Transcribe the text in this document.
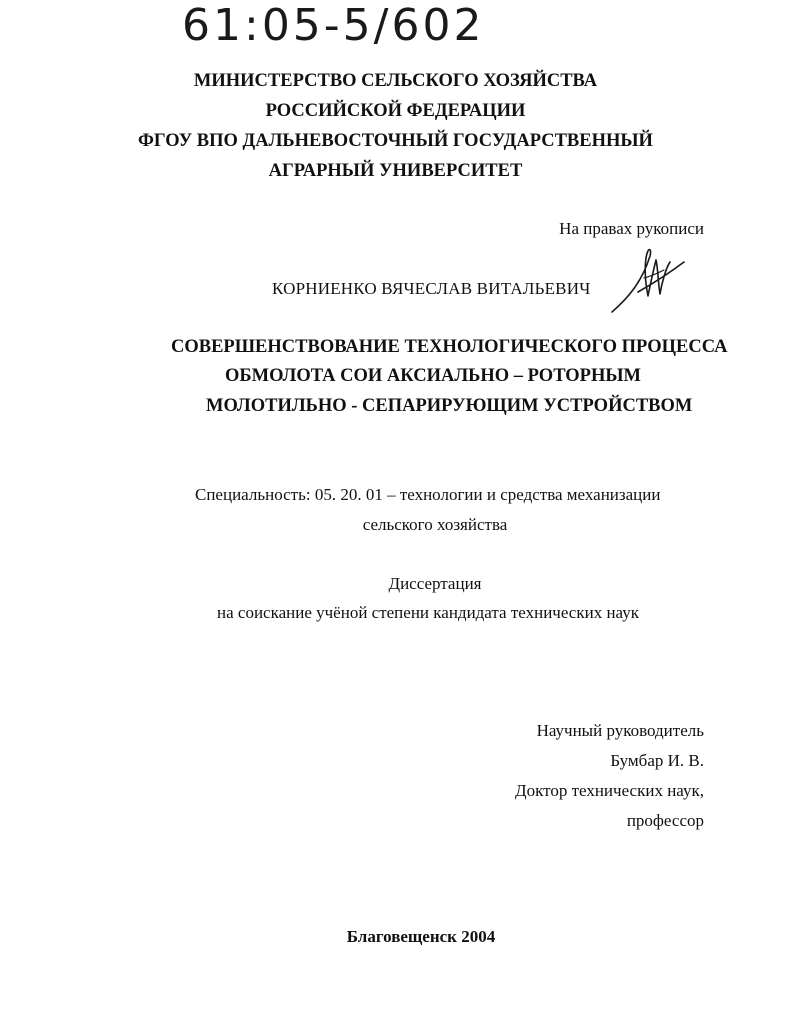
61:05-5/602
МИНИСТЕРСТВО СЕЛЬСКОГО ХОЗЯЙСТВА
РОССИЙСКОЙ ФЕДЕРАЦИИ
ФГОУ ВПО ДАЛЬНЕВОСТОЧНЫЙ ГОСУДАРСТВЕННЫЙ
АГРАРНЫЙ УНИВЕРСИТЕТ
На правах рукописи
КОРНИЕНКО ВЯЧЕСЛАВ ВИТАЛЬЕВИЧ
СОВЕРШЕНСТВОВАНИЕ ТЕХНОЛОГИЧЕСКОГО ПРОЦЕССА
ОБМОЛОТА СОИ АКСИАЛЬНО – РОТОРНЫМ
МОЛОТИЛЬНО - СЕПАРИРУЮЩИМ УСТРОЙСТВОМ
Специальность: 05. 20. 01 – технологии и средства механизации
сельского хозяйства
Диссертация
на соискание учёной степени кандидата технических наук
Научный руководитель
Бумбар И. В.
Доктор технических наук,
профессор
Благовещенск 2004
